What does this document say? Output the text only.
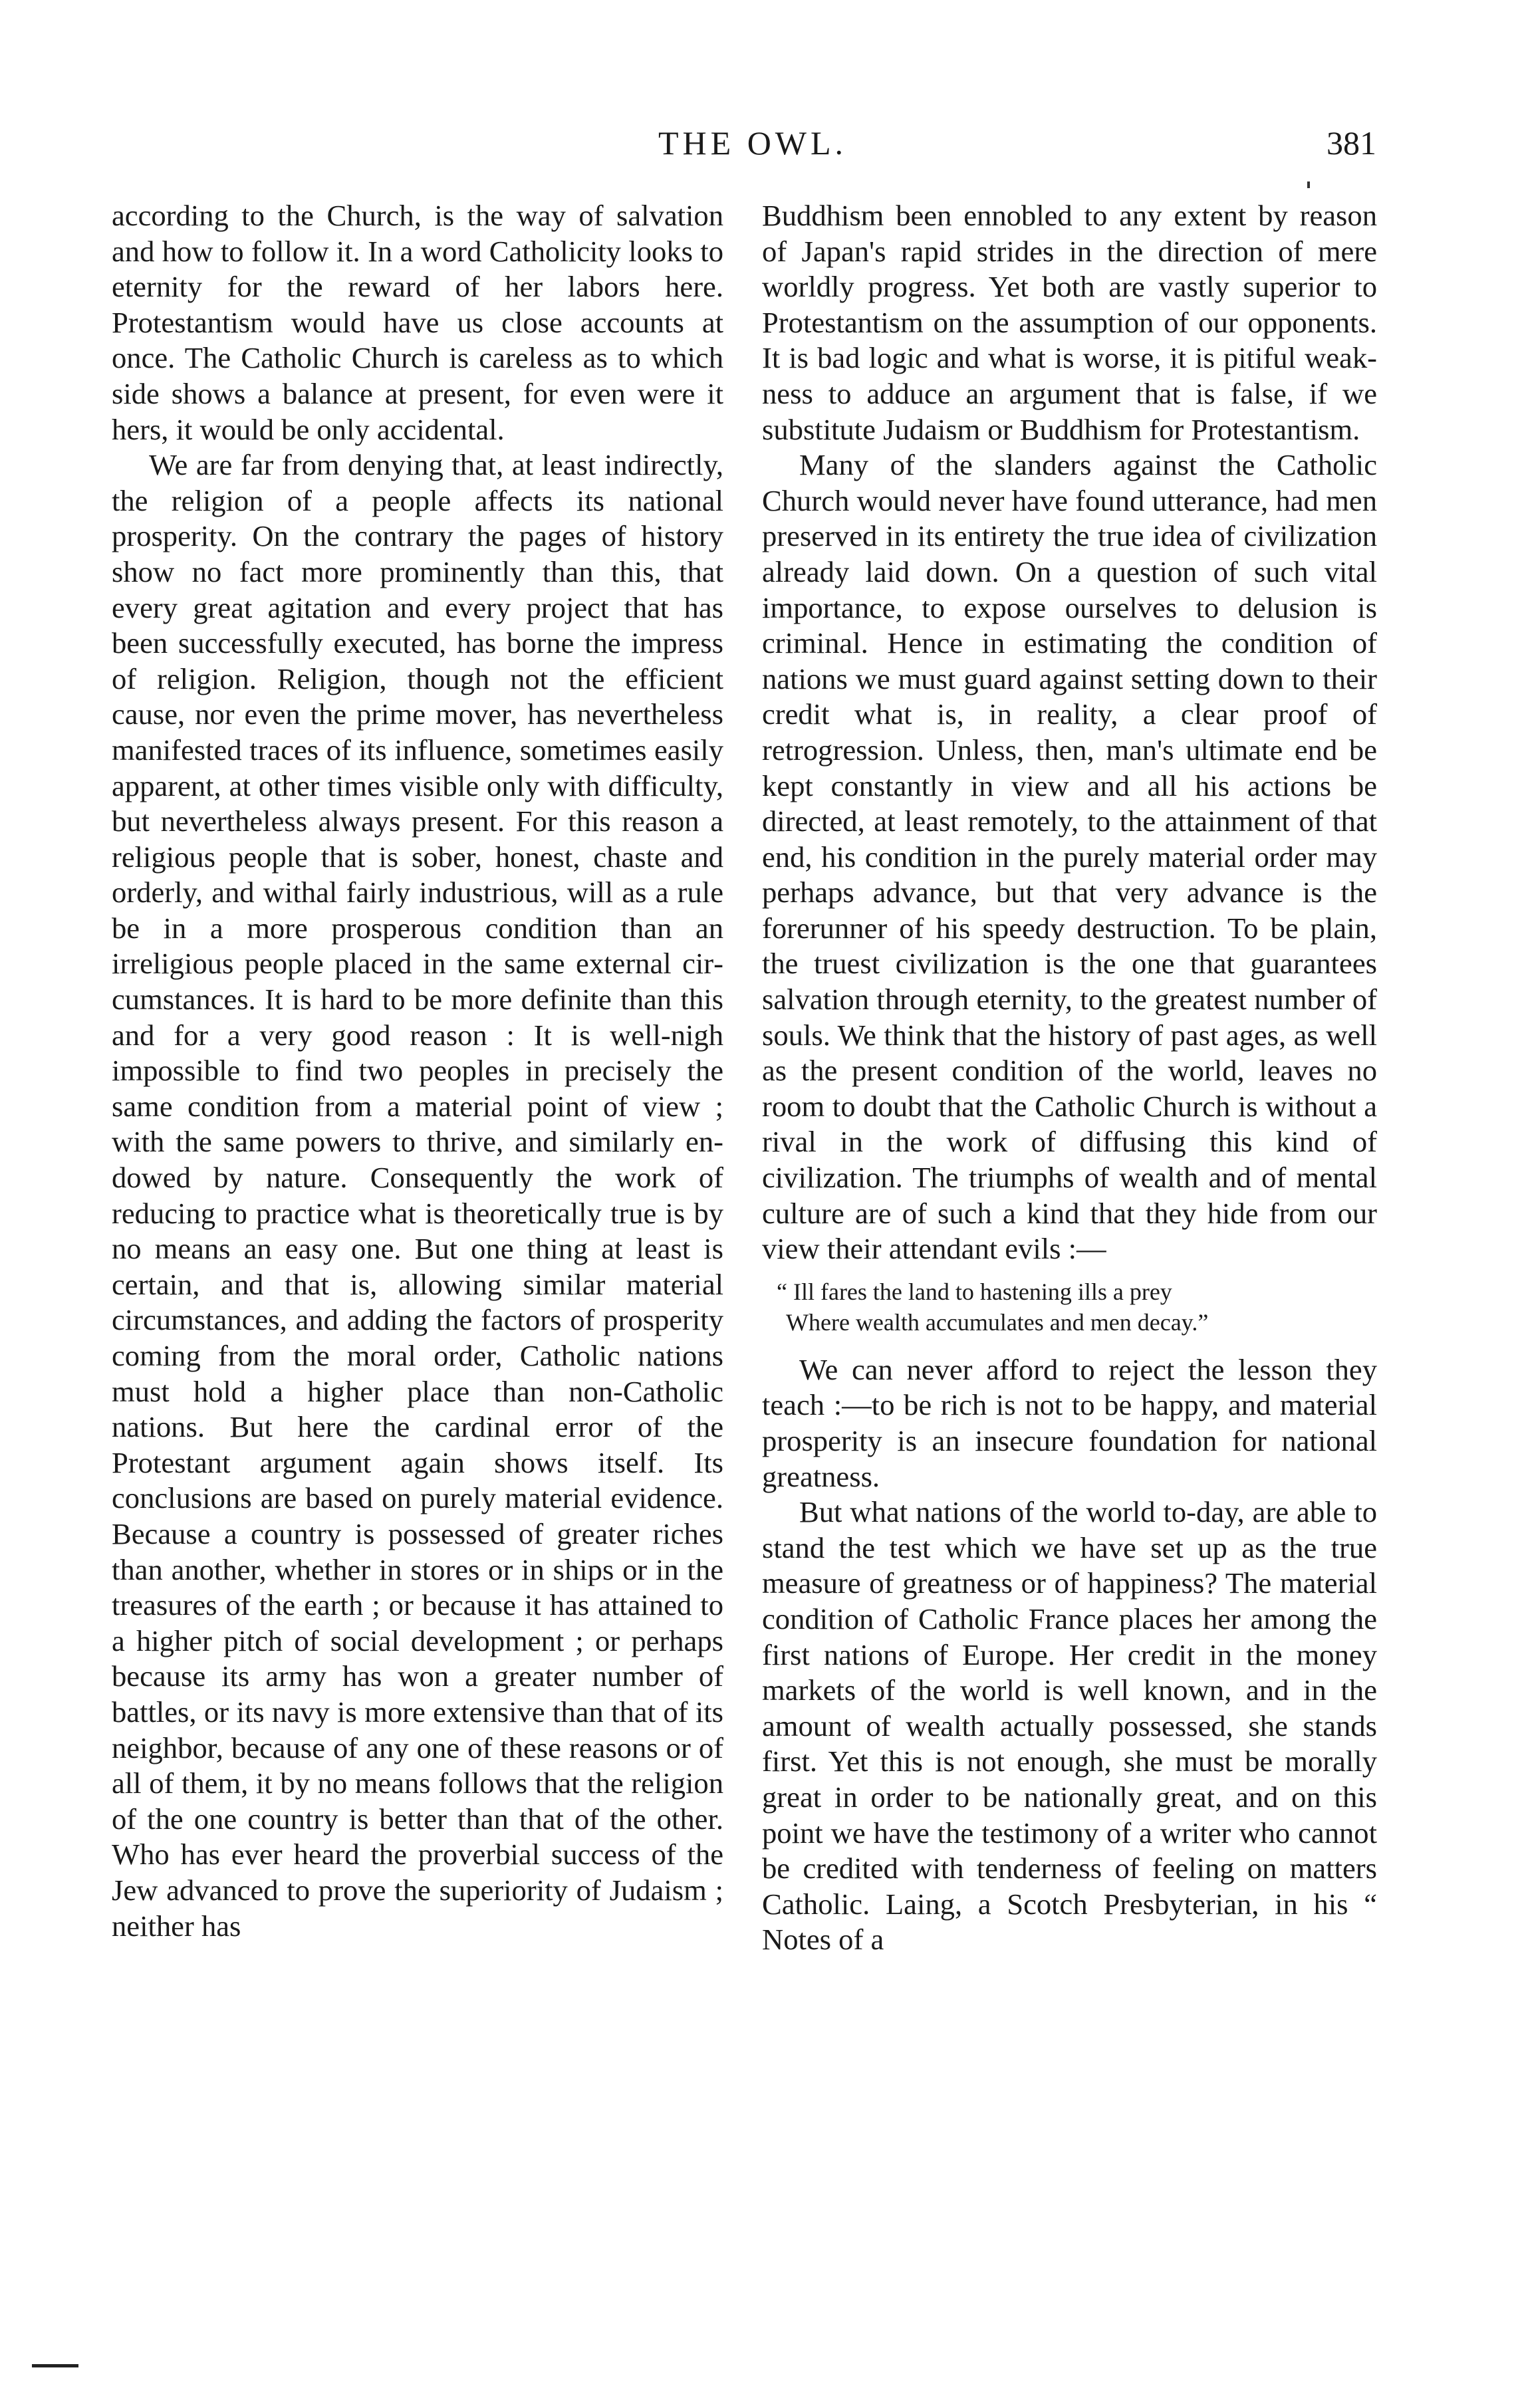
THE OWL.	381

according to the Church, is the way of salvation and how to follow it. In a word Catholicity looks to eternity for the reward of her labors here. Protestantism would have us close accounts at once. The Catholic Church is careless as to which side shows a balance at present, for even were it hers, it would be only accidental.

We are far from denying that, at least indirectly, the religion of a people affects its national prosperity. On the contrary the pages of history show no fact more prominently than this, that every great agitation and every project that has been successfully executed, has borne the impress of religion. Religion, though not the efficient cause, nor even the prime mover, has nevertheless manifested traces of its influence, sometimes easily apparent, at other times visible only with difficulty, but nevertheless always present. For this reason a religious people that is sober, honest, chaste and orderly, and withal fairly industrious, will as a rule be in a more prosperous condition than an irreligious people placed in the same external circumstances. It is hard to be more definite than this and for a very good reason : It is well-nigh impossible to find two peoples in precisely the same condition from a material point of view ; with the same powers to thrive, and similarly endowed by nature. Consequently the work of reducing to practice what is theoretically true is by no means an easy one. But one thing at least is certain, and that is, allowing similar material circumstances, and adding the factors of prosperity coming from the moral order, Catholic nations must hold a higher place than non-Catholic nations. But here the cardinal error of the Protestant argument again shows itself. Its conclusions are based on purely material evidence. Because a country is possessed of greater riches than another, whether in stores or in ships or in the treasures of the earth ; or because it has attained to a higher pitch of social development ; or perhaps because its army has won a greater number of battles, or its navy is more extensive than that of its neighbor, because of any one of these reasons or of all of them, it by no means follows that the religion of the one country is better than that of the other. Who has ever heard the proverbial success of the Jew advanced to prove the superiority of Judaism ; neither has

Buddhism been ennobled to any extent by reason of Japan's rapid strides in the direction of mere worldly progress. Yet both are vastly superior to Protestantism on the assumption of our opponents. It is bad logic and what is worse, it is pitiful weakness to adduce an argument that is false, if we substitute Judaism or Buddhism for Protestantism.

Many of the slanders against the Catholic Church would never have found utterance, had men preserved in its entirety the true idea of civilization already laid down. On a question of such vital importance, to expose ourselves to delusion is criminal. Hence in estimating the condition of nations we must guard against setting down to their credit what is, in reality, a clear proof of retrogression. Unless, then, man's ultimate end be kept constantly in view and all his actions be directed, at least remotely, to the attainment of that end, his condition in the purely material order may perhaps advance, but that very advance is the forerunner of his speedy destruction. To be plain, the truest civilization is the one that guarantees salvation through eternity, to the greatest number of souls. We think that the history of past ages, as well as the present condition of the world, leaves no room to doubt that the Catholic Church is without a rival in the work of diffusing this kind of civilization. The triumphs of wealth and of mental culture are of such a kind that they hide from our view their attendant evils :—

“ Ill fares the land to hastening ills a prey
Where wealth accumulates and men decay.”

We can never afford to reject the lesson they teach :—to be rich is not to be happy, and material prosperity is an insecure foundation for national greatness.

But what nations of the world to-day, are able to stand the test which we have set up as the true measure of greatness or of happiness? The material condition of Catholic France places her among the first nations of Europe. Her credit in the money markets of the world is well known, and in the amount of wealth actually possessed, she stands first. Yet this is not enough, she must be morally great in order to be nationally great, and on this point we have the testimony of a writer who cannot be credited with tenderness of feeling on matters Catholic. Laing, a Scotch Presbyterian, in his “ Notes of a
